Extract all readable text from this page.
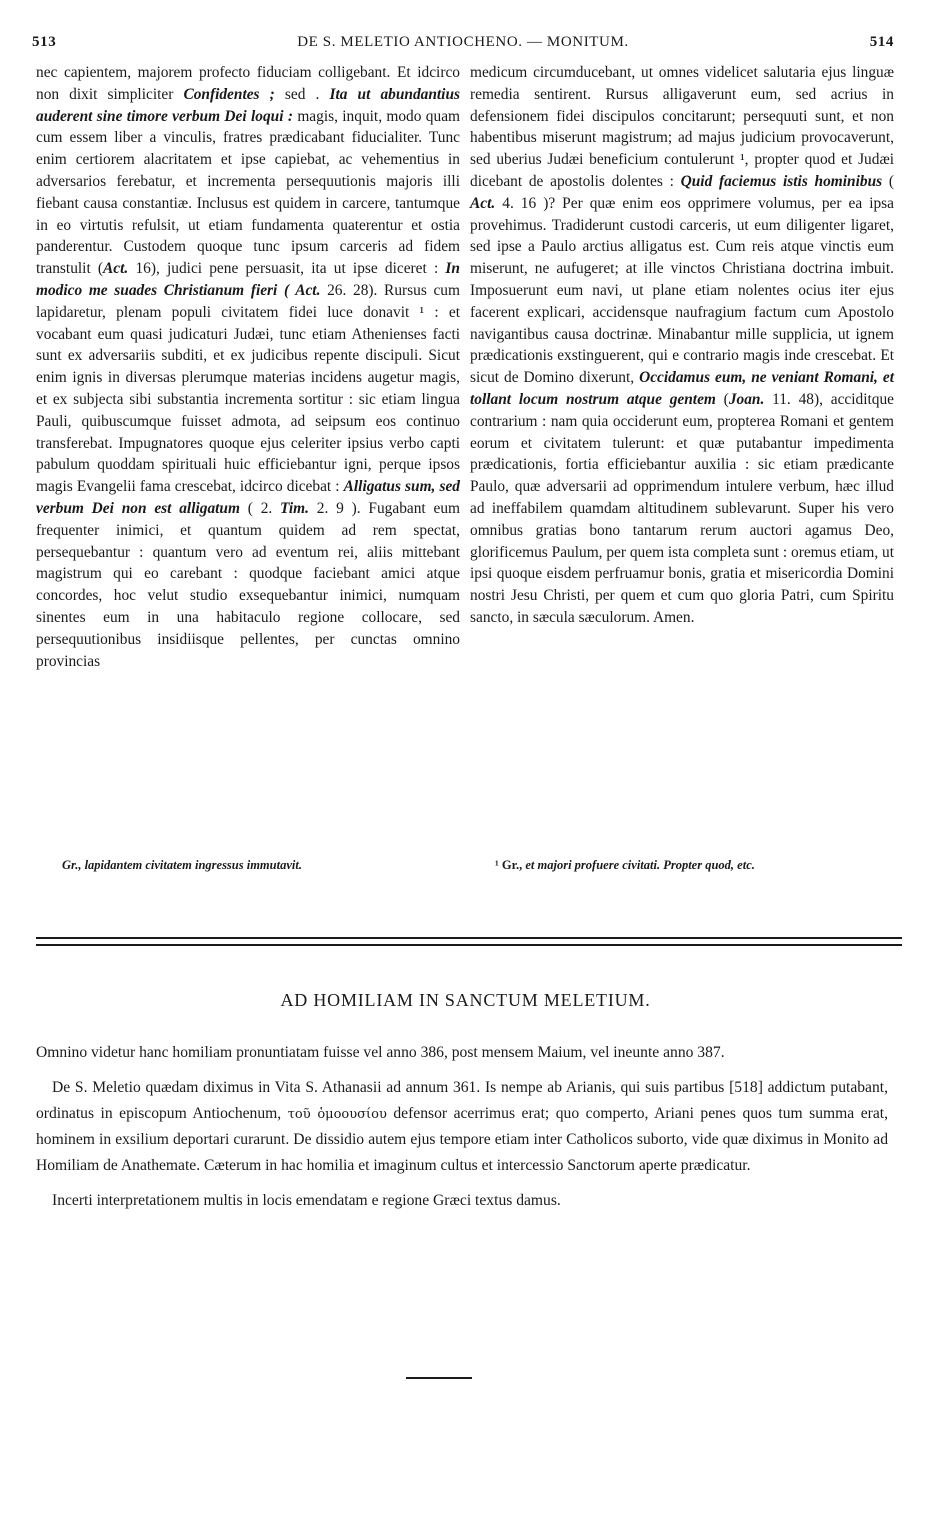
513	DE S. MELETIO ANTIOCHENO. — MONITUM.	514

nec capientem, majorem profecto fiduciam colligebant. Et idcirco non dixit simpliciter Confidentes ; sed . Ita ut abundantius auderent sine timore verbum Dei loqui : magis, inquit, modo quam cum essem liber a vinculis, fratres prædicabant fiducialiter. Tunc enim certiorem alacritatem et ipse capiebat, ac vehementius in adversarios ferebatur, et incrementa persequutionis majoris illi fiebant causa constantiæ. Inclusus est quidem in carcere, tantumque in eo virtutis refulsit, ut etiam fundamenta quaterentur et ostia panderentur. Custodem quoque tunc ipsum carceris ad fidem transtulit (Act. 16), judici pene persuasit, ita ut ipse diceret : In modico me suades Christianum fieri ( Act. 26. 28). Rursus cum lapidaretur, plenam populi civitatem fidei luce donavit ¹ : et vocabant eum quasi judicaturi Judæi, tunc etiam Athenienses facti sunt ex adversariis subditi, et ex judicibus repente discipuli. Sicut enim ignis in diversas plerumque materias incidens augetur magis, et ex subjecta sibi substantia incrementa sortitur : sic etiam lingua Pauli, quibuscumque fuisset admota, ad seipsum eos continuo transferebat. Impugnatores quoque ejus celeriter ipsius verbo capti pabulum quoddam spirituali huic efficiebantur igni, perque ipsos magis Evangelii fama crescebat, idcirco dicebat : Alligatus sum, sed verbum Dei non est alligatum ( 2. Tim. 2. 9 ). Fugabant eum frequenter inimici, et quantum quidem ad rem spectat, persequebantur : quantum vero ad eventum rei, aliis mittebant magistrum qui eo carebant : quodque faciebant amici atque concordes, hoc velut studio exsequebantur inimici, numquam sinentes eum in una habitaculo regione collocare, sed persequutionibus insidiisque pellentes, per cunctas omnino provincias

medicum circumducebant, ut omnes videlicet salutaria ejus linguæ remedia sentirent. Rursus alligaverunt eum, sed acrius in defensionem fidei discipulos concitarunt; persequuti sunt, et non habentibus miserunt magistrum; ad majus judicium provocaverunt, sed uberius Judæi beneficium contulerunt ¹, propter quod et Judæi dicebant de apostolis dolentes : Quid faciemus istis hominibus ( Act. 4. 16 )? Per quæ enim eos opprimere volumus, per ea ipsa provehimus. Tradiderunt custodi carceris, ut eum diligenter ligaret, sed ipse a Paulo arctius alligatus est. Cum reis atque vinctis eum miserunt, ne aufugeret; at ille vinctos Christiana doctrina imbuit. Imposuerunt eum navi, ut plane etiam nolentes ocius iter ejus facerent explicari, accidensque naufragium factum cum Apostolo navigantibus causa doctrinæ. Minabantur mille supplicia, ut ignem prædicationis exstinguerent, qui e contrario magis inde crescebat. Et sicut de Domino dixerunt, Occidamus eum, ne veniant Romani, et tollant locum nostrum atque gentem (Joan. 11. 48), acciditque contrarium : nam quia occiderunt eum, propterea Romani et gentem eorum et civitatem tulerunt: et quæ putabantur impedimenta prædicationis, fortia efficiebantur auxilia : sic etiam prædicante Paulo, quæ adversarii ad opprimendum intulere verbum, hæc illud ad ineffabilem quamdam altitudinem sublevarunt. Super his vero omnibus gratias bono tantarum rerum auctori agamus Deo, glorificemus Paulum, per quem ista completa sunt : oremus etiam, ut ipsi quoque eisdem perfruamur bonis, gratia et misericordia Domini nostri Jesu Christi, per quem et cum quo gloria Patri, cum Spiritu sancto, in sæcula sæculorum. Amen.

Gr., lapidantem civitatem ingressus immutavit.	¹ Gr., et majori profuere civitati. Propter quod, etc.
AD HOMILIAM IN SANCTUM MELETIUM.

Omnino videtur hanc homiliam pronuntiatam fuisse vel anno 386, post mensem Maium, vel ineunte anno 387.

De S. Meletio quædam diximus in Vita S. Athanasii ad annum 361. Is nempe ab Arianis, qui suis partibus [518] addictum putabant, ordinatus in episcopum Antiochenum, τοῦ ὁμοουσίου defensor acerrimus erat; quo comperto, Ariani penes quos tum summa erat, hominem in exsilium deportari curarunt. De dissidio autem ejus tempore etiam inter Catholicos suborto, vide quæ diximus in Monito ad Homiliam de Anathemate. Cæterum in hac homilia et imaginum cultus et intercessio Sanctorum aperte prædicatur.

Incerti interpretationem multis in locis emendatam e regione Græci textus damus.
